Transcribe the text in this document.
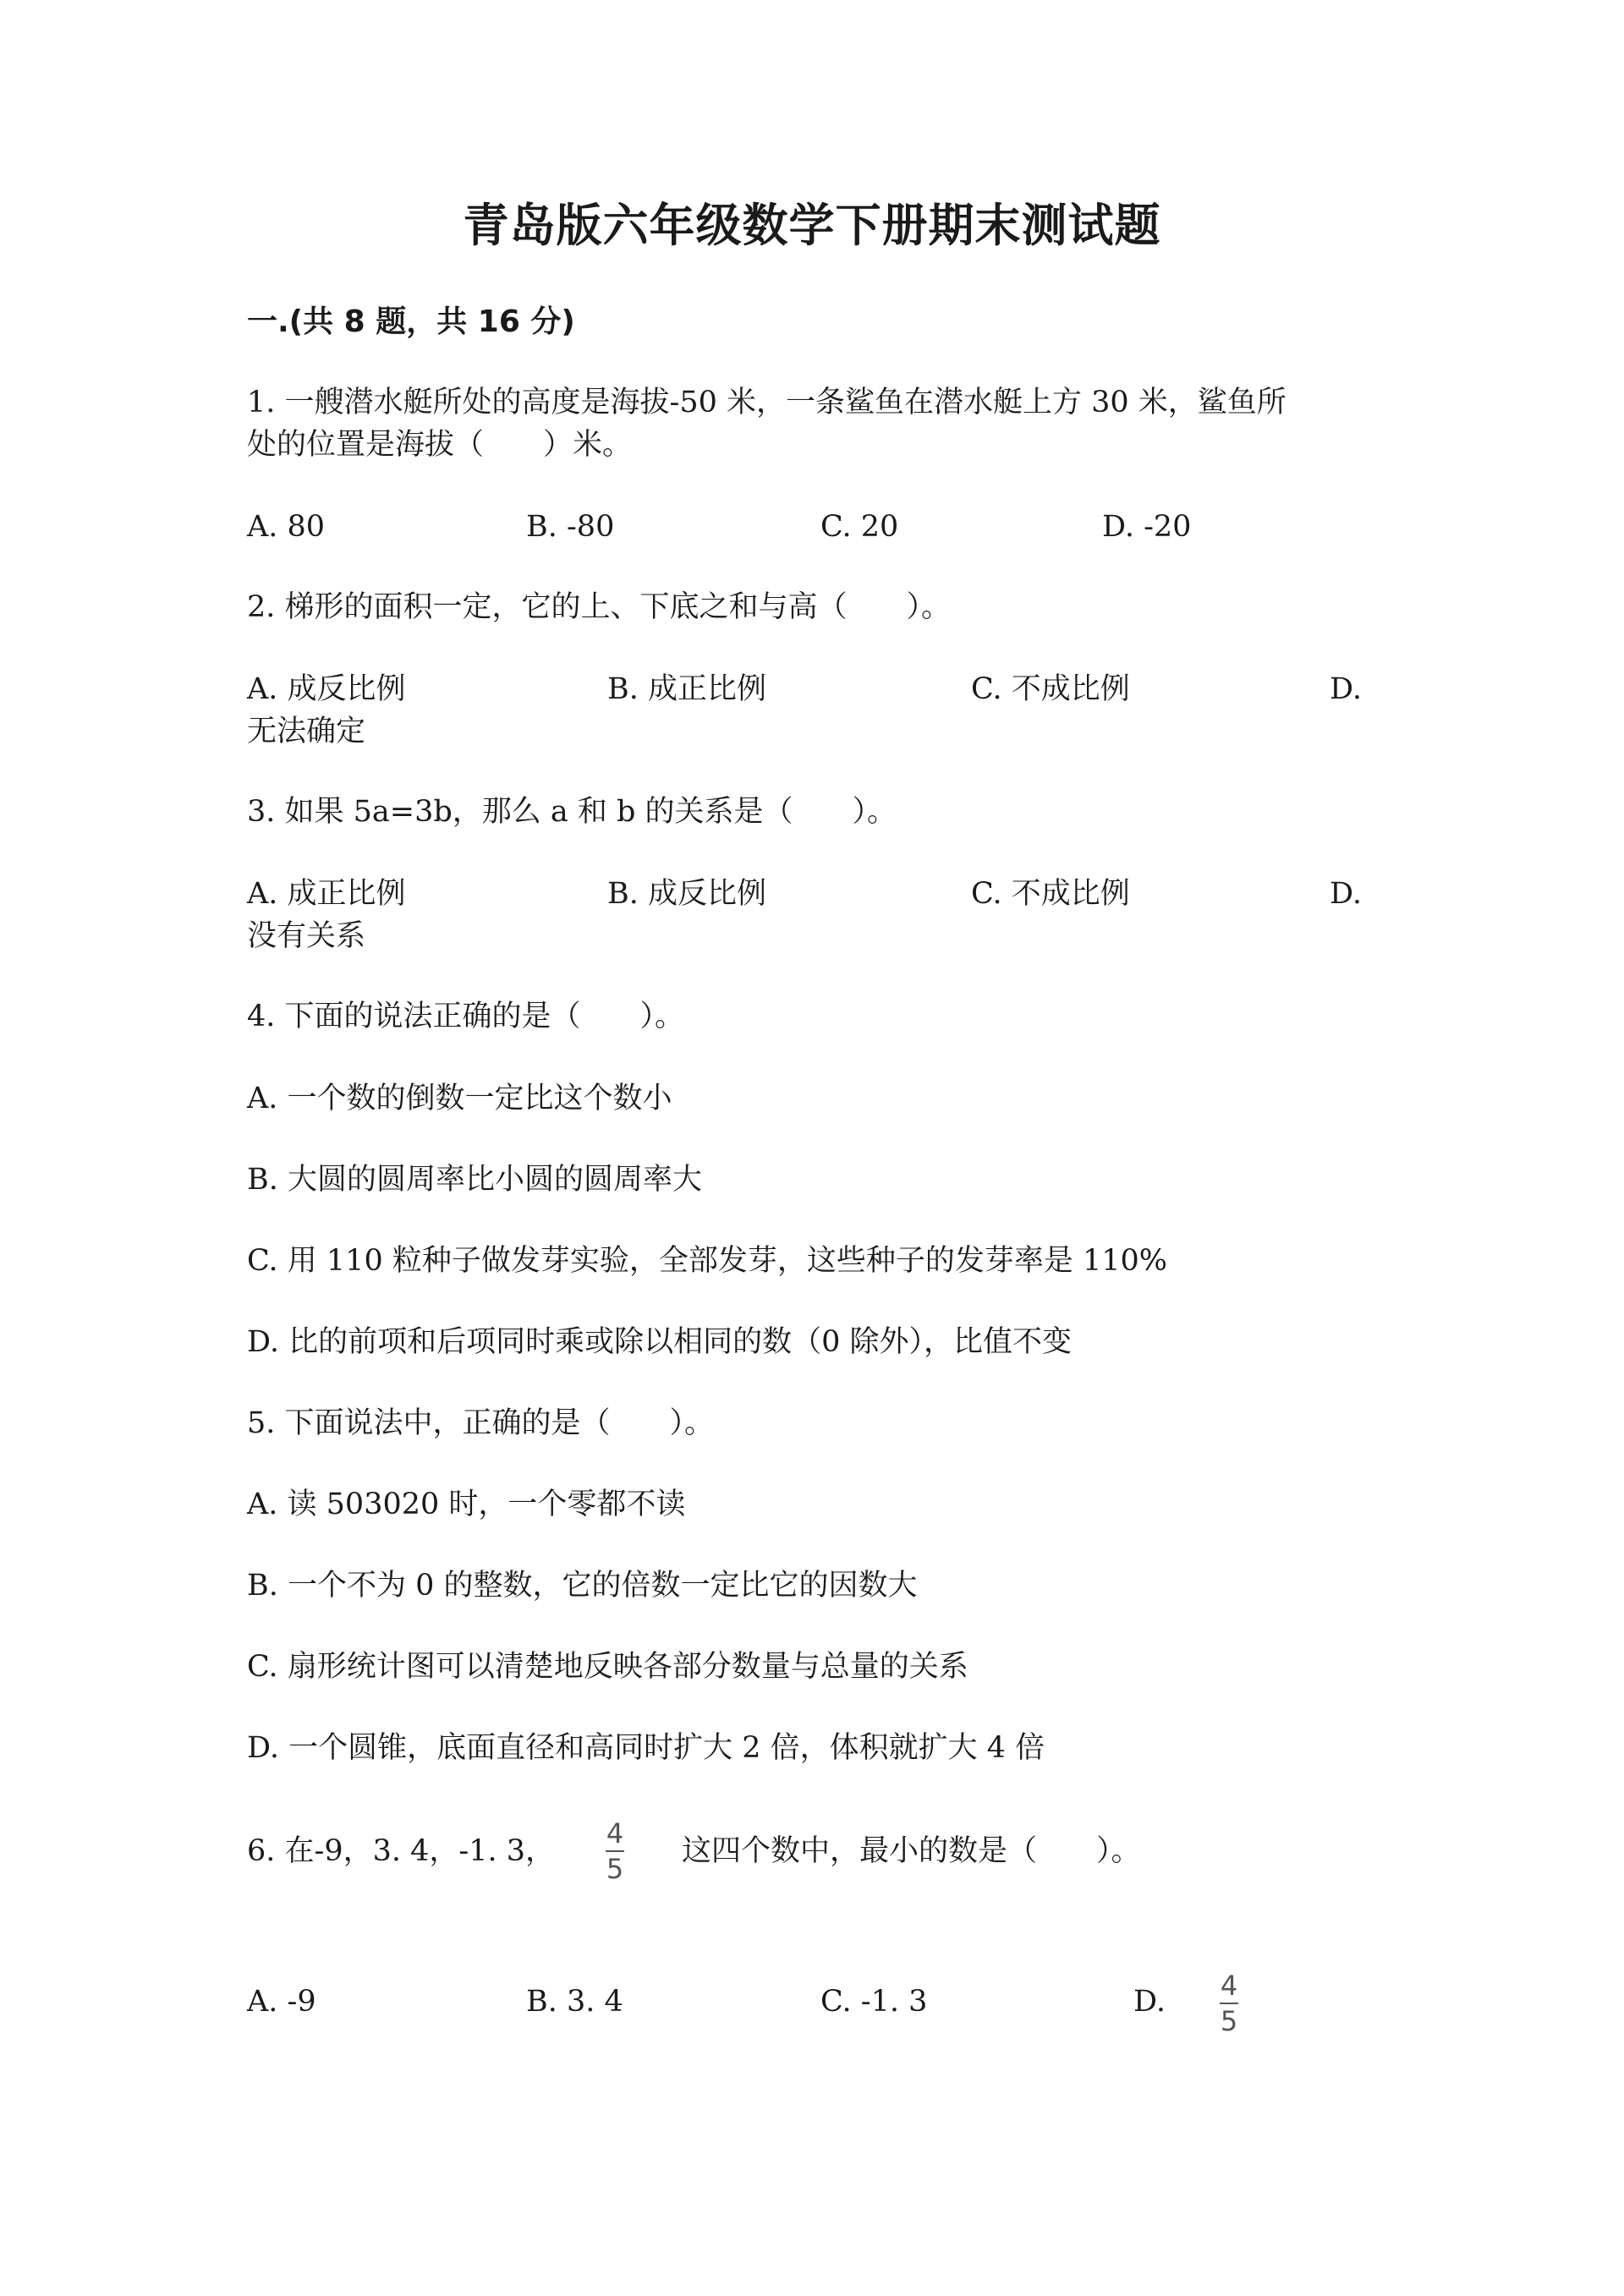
青岛版六年级数学下册期末测试题
一.(共 8 题，共 16 分)
1. 一艘潜水艇所处的高度是海拔-50 米，一条鲨鱼在潜水艇上方 30 米，鲨鱼所
处的位置是海拔（　　）米。
A. 80	B. -80	C. 20	D. -20
2. 梯形的面积一定，它的上、下底之和与高（　　）。
A. 成反比例	B. 成正比例	C. 不成比例	D.
无法确定
3. 如果 5a=3b，那么 a 和 b 的关系是（　　）。
A. 成正比例	B. 成反比例	C. 不成比例	D.
没有关系
4. 下面的说法正确的是（　　）。
A. 一个数的倒数一定比这个数小
B. 大圆的圆周率比小圆的圆周率大
C. 用 110 粒种子做发芽实验，全部发芽，这些种子的发芽率是 110%
D. 比的前项和后项同时乘或除以相同的数（0 除外），比值不变
5. 下面说法中，正确的是（　　）。
A. 读 503020 时，一个零都不读
B. 一个不为 0 的整数，它的倍数一定比它的因数大
C. 扇形统计图可以清楚地反映各部分数量与总量的关系
D. 一个圆锥，底面直径和高同时扩大 2 倍，体积就扩大 4 倍
6. 在-9，3. 4，-1. 3，
4
5
这四个数中，最小的数是（　　）。
A. -9	B. 3. 4	C. -1. 3	D. 4
5
